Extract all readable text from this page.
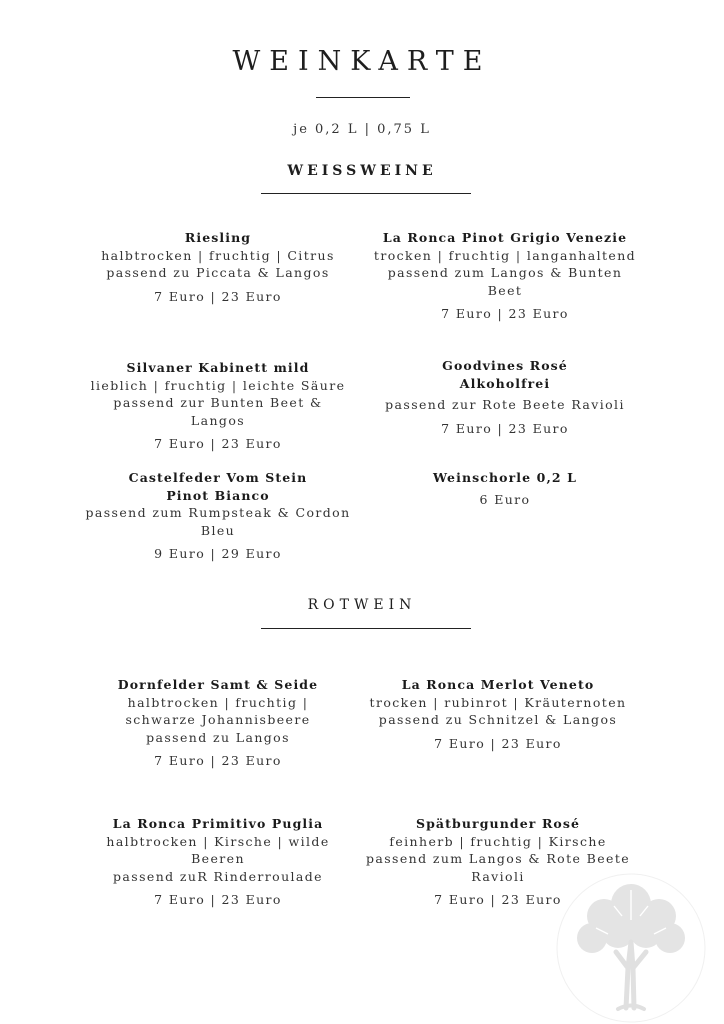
WEINKARTE
je 0,2 L | 0,75 L
WEISSWEINE
Riesling
halbtrocken | fruchtig | Citrus
passend zu Piccata & Langos
7 Euro | 23 Euro
La Ronca Pinot Grigio Venezie
trocken | fruchtig | langanhaltend
passend zum Langos & Bunten Beet
7 Euro | 23 Euro
Silvaner Kabinett mild
lieblich | fruchtig | leichte Säure
passend zur Bunten Beet & Langos
7 Euro | 23 Euro
Goodvines Rosé Alkoholfrei
passend zur Rote Beete Ravioli
7 Euro | 23 Euro
Castelfeder Vom Stein Pinot Bianco
passend zum Rumpsteak & Cordon Bleu
9 Euro | 29 Euro
Weinschorle 0,2 L
6 Euro
ROTWEIN
Dornfelder Samt & Seide
halbtrocken | fruchtig | schwarze Johannisbeere
passend zu Langos
7 Euro | 23 Euro
La Ronca Merlot Veneto
trocken | rubinrot | Kräuternoten
passend zu Schnitzel & Langos
7 Euro | 23 Euro
La Ronca Primitivo Puglia
halbtrocken | Kirsche | wilde Beeren
passend zuR Rinderroulade
7 Euro | 23 Euro
Spätburgunder Rosé
feinherb | fruchtig | Kirsche
passend zum Langos & Rote Beete Ravioli
7 Euro | 23 Euro
